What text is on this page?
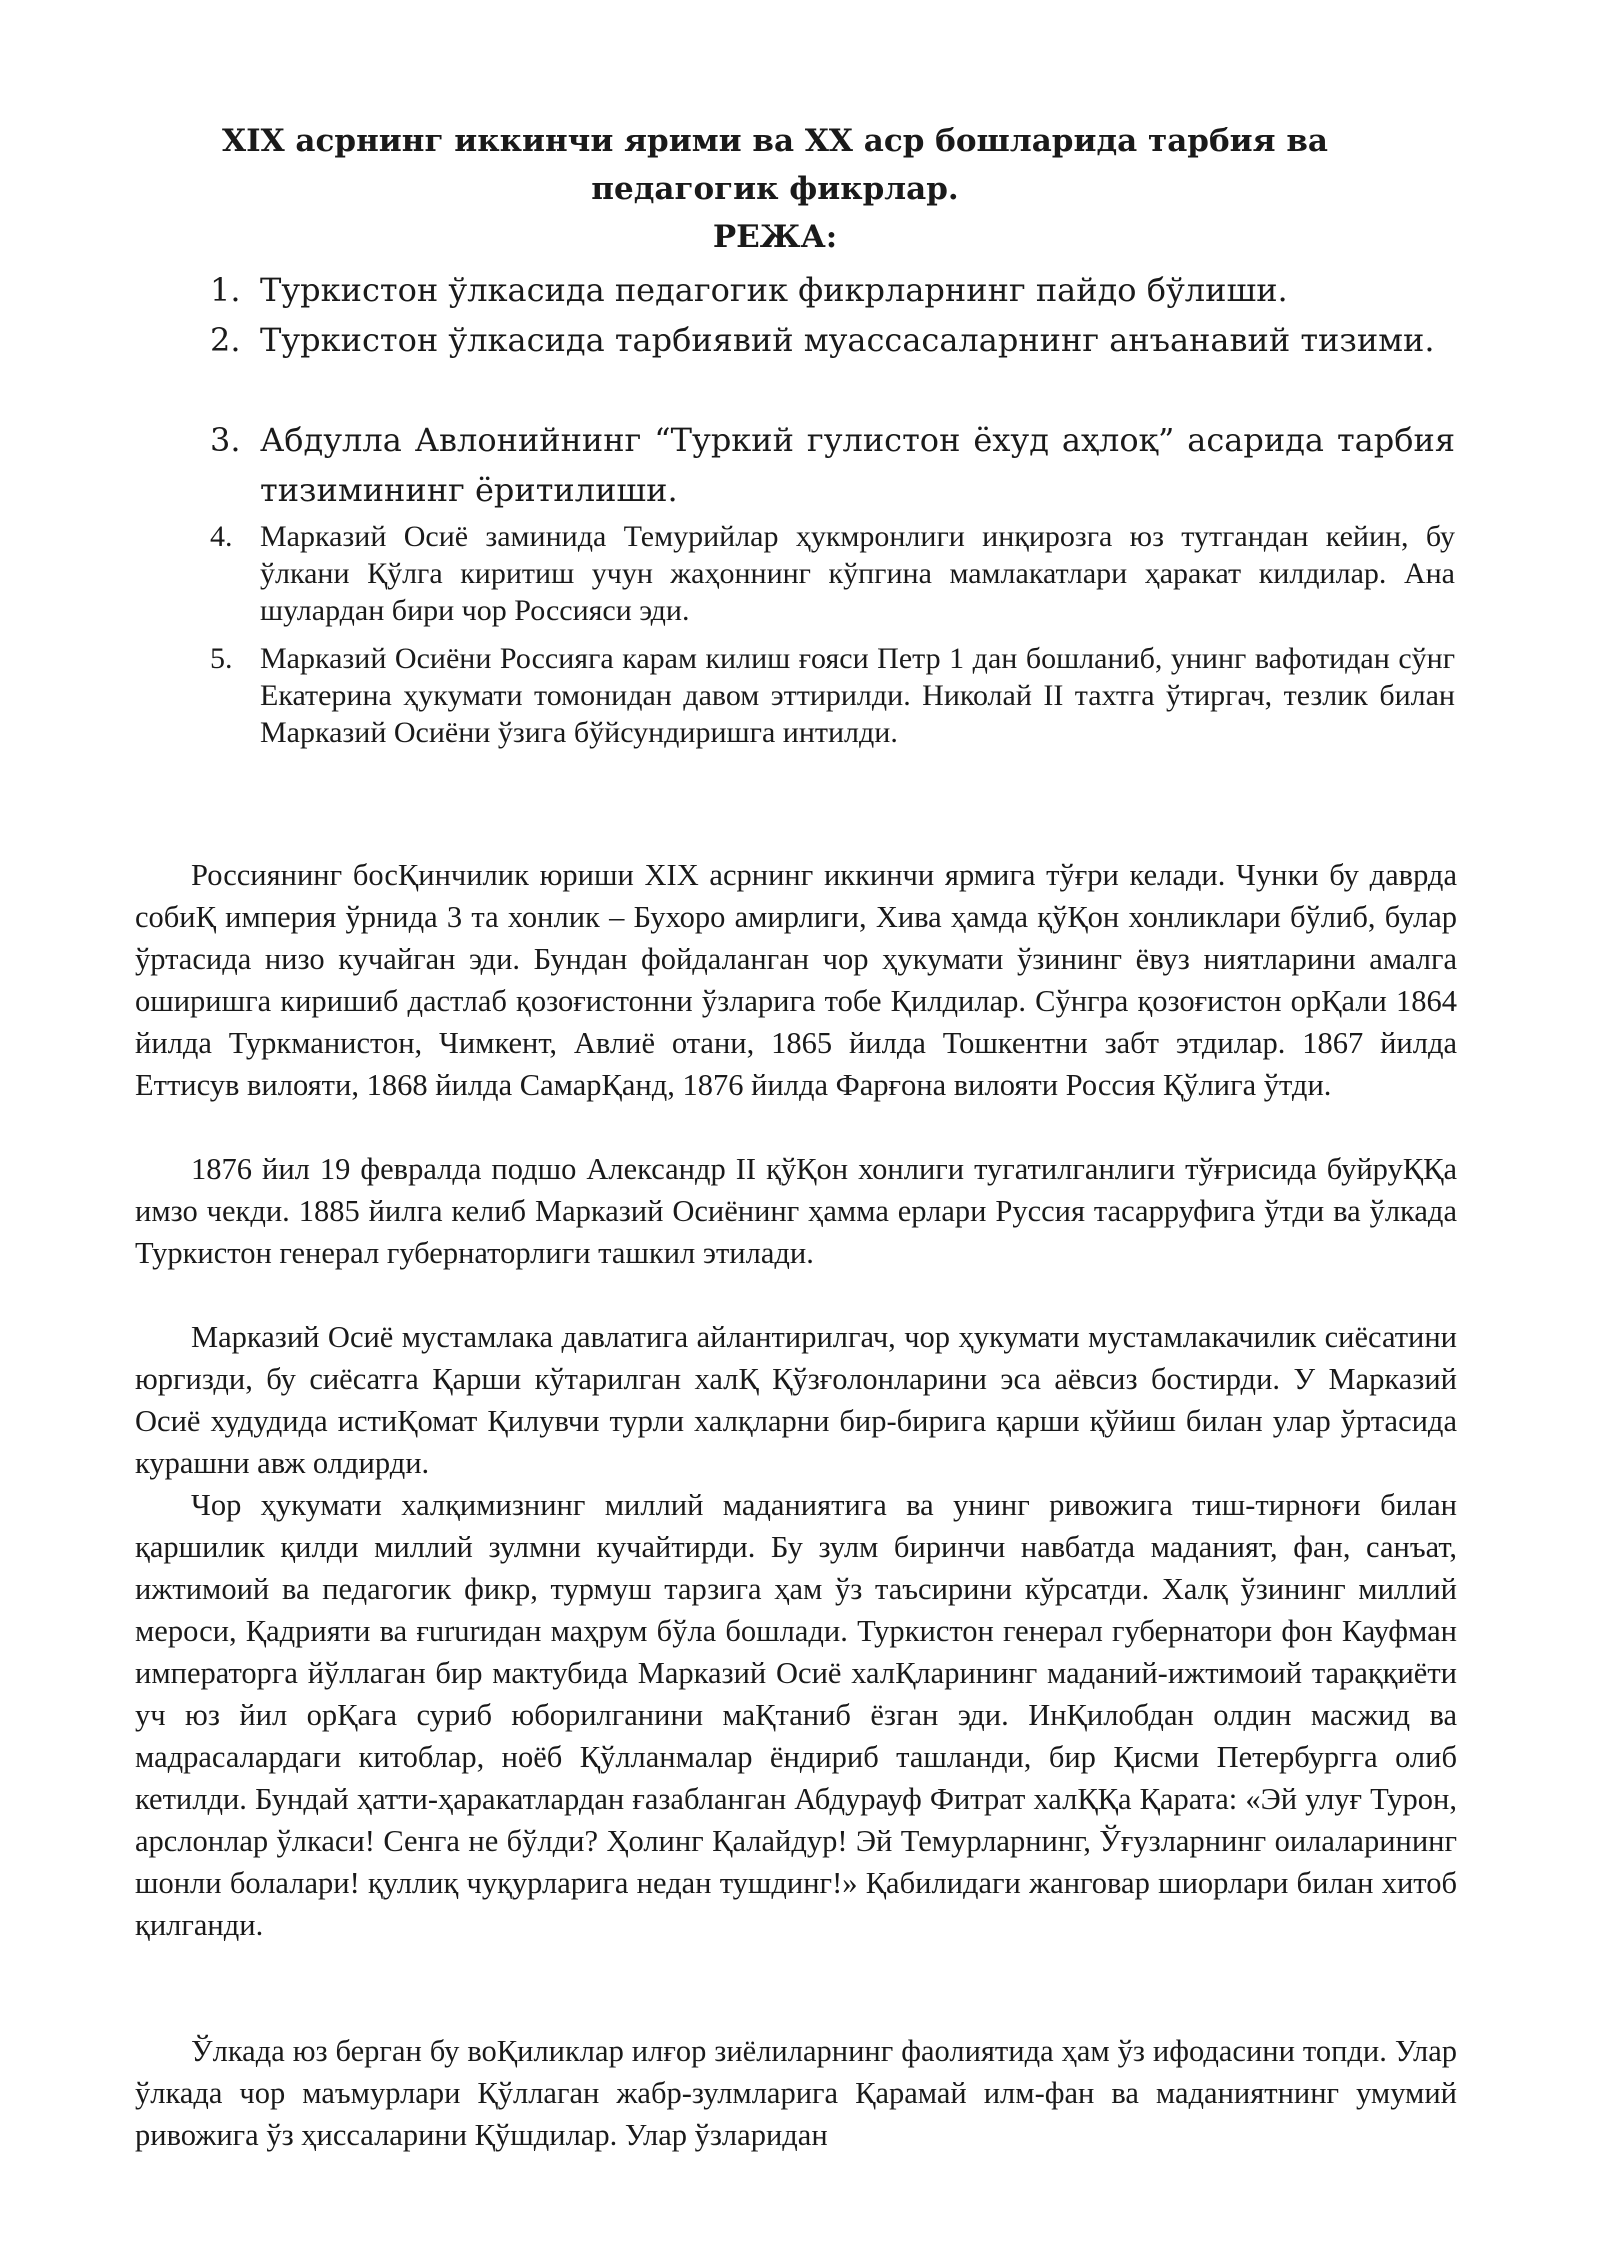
XIX асрнинг иккинчи ярими ва XX аср бошларида тарбия ва
педагогик фикрлар.
РЕЖА:
1. Туркистон ўлкасида педагогик фикрларнинг пайдо бўлиши.
2. Туркистон ўлкасида тарбиявий муассасаларнинг анъанавий тизими.
3. Абдулла Авлонийнинг “Туркий гулистон ёхуд аҳлоқ” асарида тарбия тизимининг ёритилиши.
4. Марказий Осиё заминида Темурийлар ҳукмронлиги инқирозга юз тутгандан кейин, бу ўлкани Қўлга киритиш учун жаҳоннинг кўпгина мамлакатлари ҳаракат килдилар. Ана шулардан бири чор Россияси эди.
5. Марказий Осиёни Россияга карам килиш ғояси Петр 1 дан бошланиб, унинг вафотидан сўнг Екатерина ҳукумати томонидан давом эттирилди. Николай II тахтга ўтиргач, тезлик билан Марказий Осиёни ўзига бўйсундиришга интилди.

Россиянинг босҚинчилик юриши XIX асрнинг иккинчи ярмига тўғри келади. Чунки бу даврда собиҚ империя ўрнида 3 та хонлик – Бухоро амирлиги, Хива ҳамда қўҚон хонликлари бўлиб, булар ўртасида низо кучайган эди. Бундан фойдаланган чор ҳукумати ўзининг ёвуз ниятларини амалга оширишга киришиб дастлаб қозоғистонни ўзларига тобе Қилдилар. Сўнгра қозоғистон орҚали 1864 йилда Туркманистон, Чимкент, Авлиё отани, 1865 йилда Тошкентни забт этдилар. 1867 йилда Еттисув вилояти, 1868 йилда СамарҚанд, 1876 йилда Фарғона вилояти Россия Қўлига ўтди.

1876 йил 19 февралда подшо Александр II қўҚон хонлиги тугатилганлиги тўғрисида буйруҚҚа имзо чекди. 1885 йилга келиб Марказий Осиёнинг ҳамма ерлари Руссия тасарруфига ўтди ва ўлкада Туркистон генерал губернаторлиги ташкил этилади.

Марказий Осиё мустамлака давлатига айлантирилгач, чор ҳукумати мустамлакачилик сиёсатини юргизди, бу сиёсатга Қарши кўтарилган халҚ Қўзғолонларини эса аёвсиз бостирди. У Марказий Осиё худудида истиҚомат Қилувчи турли халқларни бир-бирига қарши қўйиш билан улар ўртасида курашни авж олдирди.

Чор ҳукумати халқимизнинг миллий маданиятига ва унинг ривожига тиш-тирноғи билан қаршилик қилди миллий зулмни кучайтирди. Бу зулм биринчи навбатда маданият, фан, санъат, ижтимоий ва педагогик фикр, турмуш тарзига ҳам ўз таъсирини кўрсатди. Халқ ўзининг миллий мероси, Қадрияти ва ғururидан маҳрум бўла бошлади. Туркистон генерал губернатори фон Кауфман императорга йўллаган бир мактубида Марказий Осиё халҚларининг маданий-ижтимоий тараққиёти уч юз йил орҚага суриб юборилганини маҚтаниб ёзган эди. ИнҚилобдан олдин масжид ва мадрасалардаги китоблар, ноёб Қўлланмалар ёндириб ташланди, бир Қисми Петербургга олиб кетилди. Бундай ҳатти-ҳаракатлардан ғазабланган Абдурауф Фитрат халҚҚа Қарата: «Эй улуғ Турон, арслонлар ўлкаси! Сенга не бўлди? Ҳолинг Қалайдур! Эй Темурларнинг, Ўғузларнинг оилаларининг шонли болалари! қуллиқ чуқурларига недан тушдинг!» Қабилидаги жанговар шиорлари билан хитоб қилганди.

Ўлкада юз берган бу воҚиликлар илғор зиёлиларнинг фаолиятида ҳам ўз ифодасини топди. Улар ўлкада чор маъмурлари Қўллаган жабр-зулмларига Қарамай илм-фан ва маданиятнинг умумий ривожига ўз ҳиссаларини Қўшдилар. Улар ўзларидан
